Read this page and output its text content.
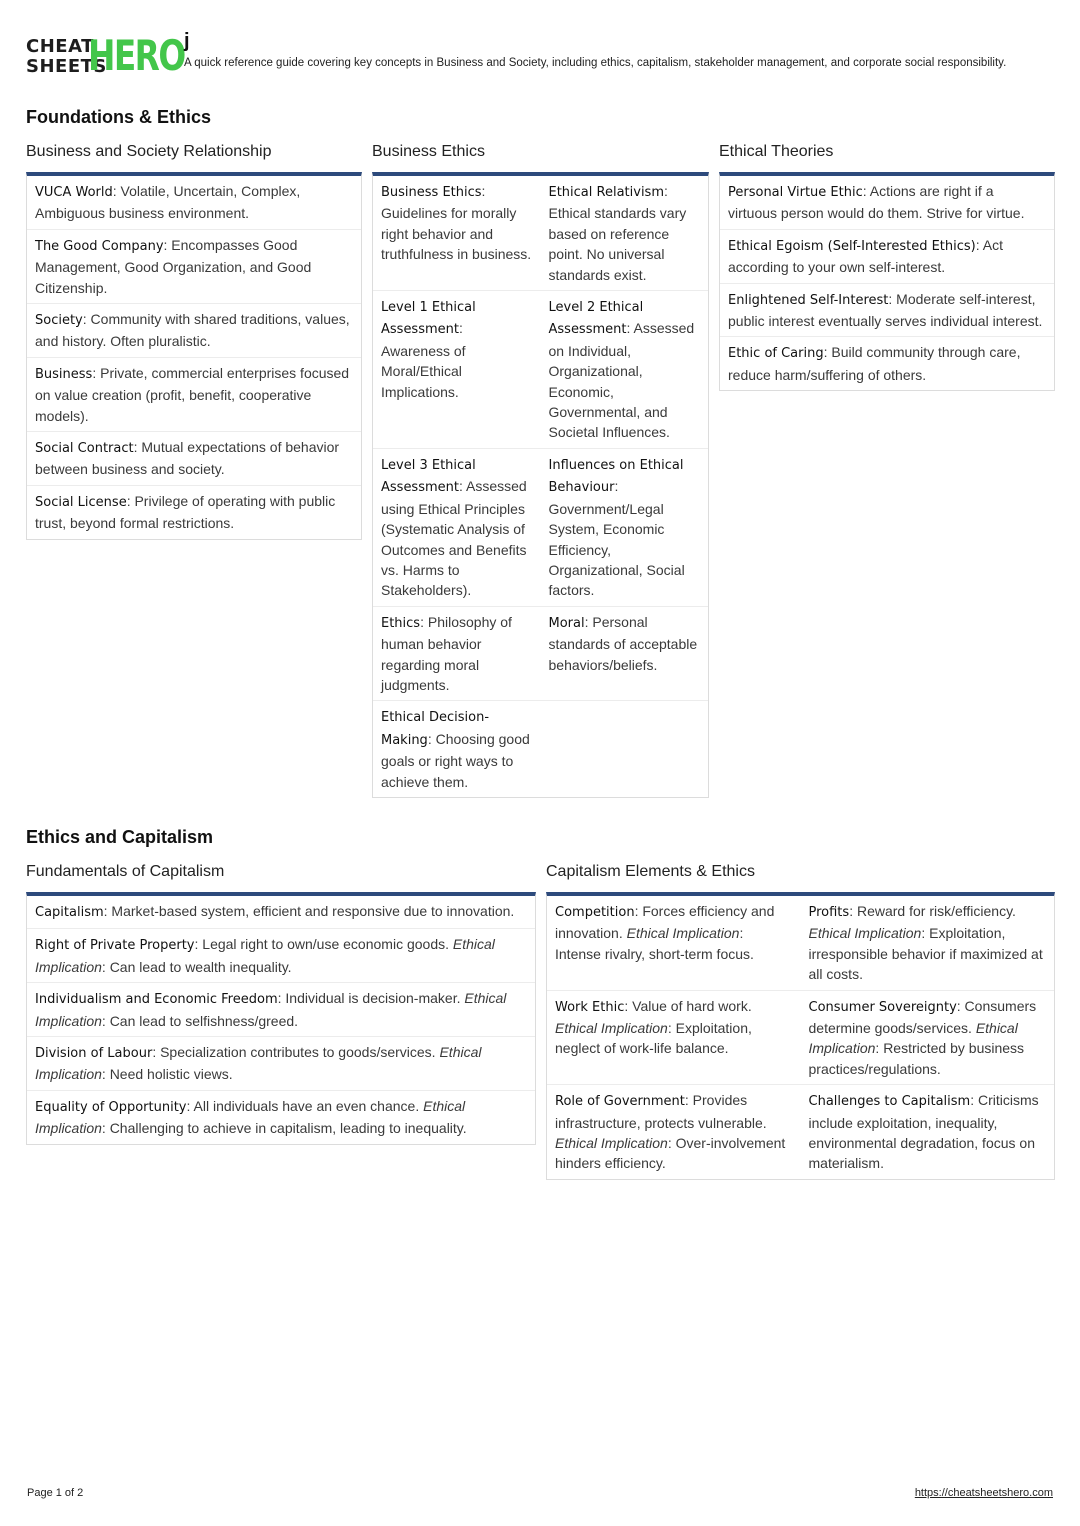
CHEAT
SHEETS
HERO j
A quick reference guide covering key concepts in Business and Society, including ethics, capitalism, stakeholder management, and corporate social responsibility.
Foundations & Ethics
Business and Society Relationship
VUCA World: Volatile, Uncertain, Complex, Ambiguous business environment.
The Good Company: Encompasses Good Management, Good Organization, and Good Citizenship.
Society: Community with shared traditions, values, and history. Often pluralistic.
Business: Private, commercial enterprises focused on value creation (profit, benefit, cooperative models).
Social Contract: Mutual expectations of behavior between business and society.
Social License: Privilege of operating with public trust, beyond formal restrictions.
Business Ethics
Business Ethics: Guidelines for morally right behavior and truthfulness in business.
Ethical Relativism: Ethical standards vary based on reference point. No universal standards exist.
Level 1 Ethical Assessment: Awareness of Moral/Ethical Implications.
Level 2 Ethical Assessment: Assessed on Individual, Organizational, Economic, Governmental, and Societal Influences.
Level 3 Ethical Assessment: Assessed using Ethical Principles (Systematic Analysis of Outcomes and Benefits vs. Harms to Stakeholders).
Influences on Ethical Behaviour: Government/Legal System, Economic Efficiency, Organizational, Social factors.
Ethics: Philosophy of human behavior regarding moral judgments.
Moral: Personal standards of acceptable behaviors/beliefs.
Ethical Decision-Making: Choosing good goals or right ways to achieve them.
Ethical Theories
Personal Virtue Ethic: Actions are right if a virtuous person would do them. Strive for virtue.
Ethical Egoism (Self-Interested Ethics): Act according to your own self-interest.
Enlightened Self-Interest: Moderate self-interest, public interest eventually serves individual interest.
Ethic of Caring: Build community through care, reduce harm/suffering of others.
Ethics and Capitalism
Fundamentals of Capitalism
Capitalism: Market-based system, efficient and responsive due to innovation.
Right of Private Property: Legal right to own/use economic goods. Ethical Implication: Can lead to wealth inequality.
Individualism and Economic Freedom: Individual is decision-maker. Ethical Implication: Can lead to selfishness/greed.
Division of Labour: Specialization contributes to goods/services. Ethical Implication: Need holistic views.
Equality of Opportunity: All individuals have an even chance. Ethical Implication: Challenging to achieve in capitalism, leading to inequality.
Capitalism Elements & Ethics
Competition: Forces efficiency and innovation. Ethical Implication: Intense rivalry, short-term focus.
Profits: Reward for risk/efficiency. Ethical Implication: Exploitation, irresponsible behavior if maximized at all costs.
Work Ethic: Value of hard work. Ethical Implication: Exploitation, neglect of work-life balance.
Consumer Sovereignty: Consumers determine goods/services. Ethical Implication: Restricted by business practices/regulations.
Role of Government: Provides infrastructure, protects vulnerable. Ethical Implication: Over-involvement hinders efficiency.
Challenges to Capitalism: Criticisms include exploitation, inequality, environmental degradation, focus on materialism.
Page 1 of 2	https://cheatsheetshero.com
